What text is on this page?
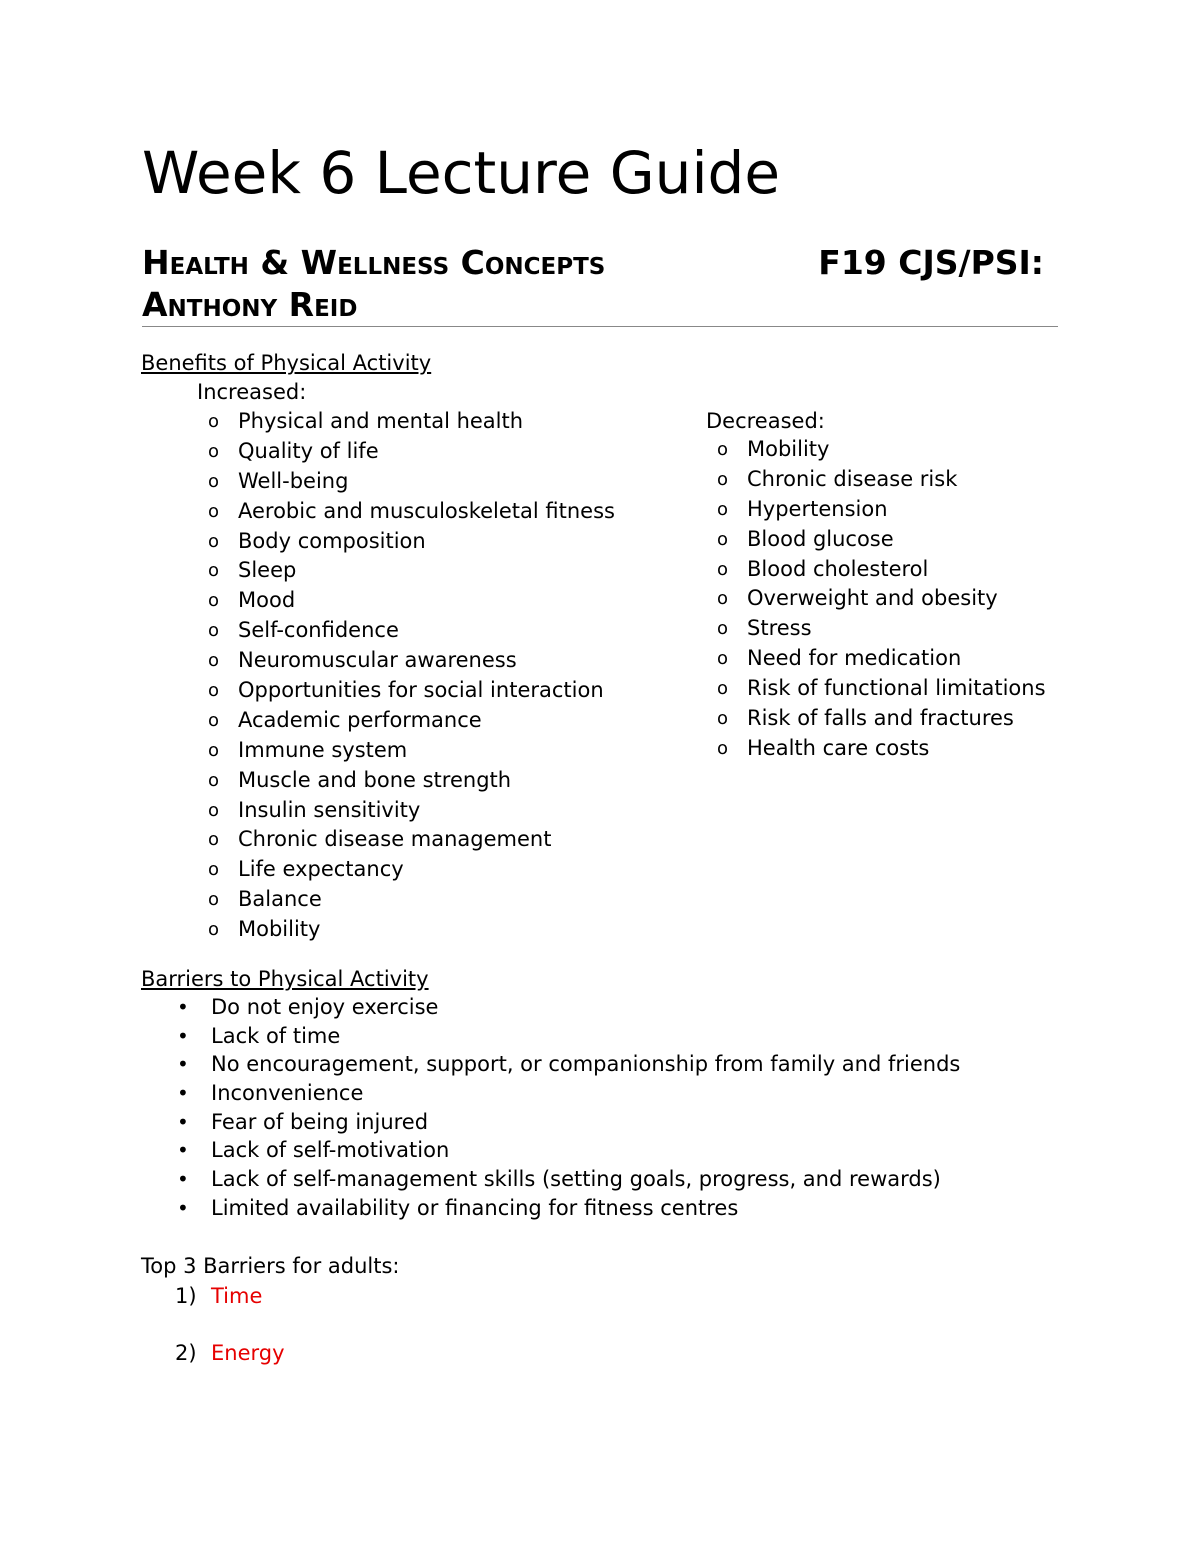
Week 6 Lecture Guide
Health & Wellness Concepts	F19 CJS/PSI:
Anthony Reid
Benefits of Physical Activity
Increased:
o Physical and mental health
o Quality of life
o Well-being
o Aerobic and musculoskeletal fitness
o Body composition
o Sleep
o Mood
o Self-confidence
o Neuromuscular awareness
o Opportunities for social interaction
o Academic performance
o Immune system
o Muscle and bone strength
o Insulin sensitivity
o Chronic disease management
o Life expectancy
o Balance
o Mobility
Decreased:
o Mobility
o Chronic disease risk
o Hypertension
o Blood glucose
o Blood cholesterol
o Overweight and obesity
o Stress
o Need for medication
o Risk of functional limitations
o Risk of falls and fractures
o Health care costs
Barriers to Physical Activity
• Do not enjoy exercise
• Lack of time
• No encouragement, support, or companionship from family and friends
• Inconvenience
• Fear of being injured
• Lack of self-motivation
• Lack of self-management skills (setting goals, progress, and rewards)
• Limited availability or financing for fitness centres
Top 3 Barriers for adults:
1) Time
2) Energy
